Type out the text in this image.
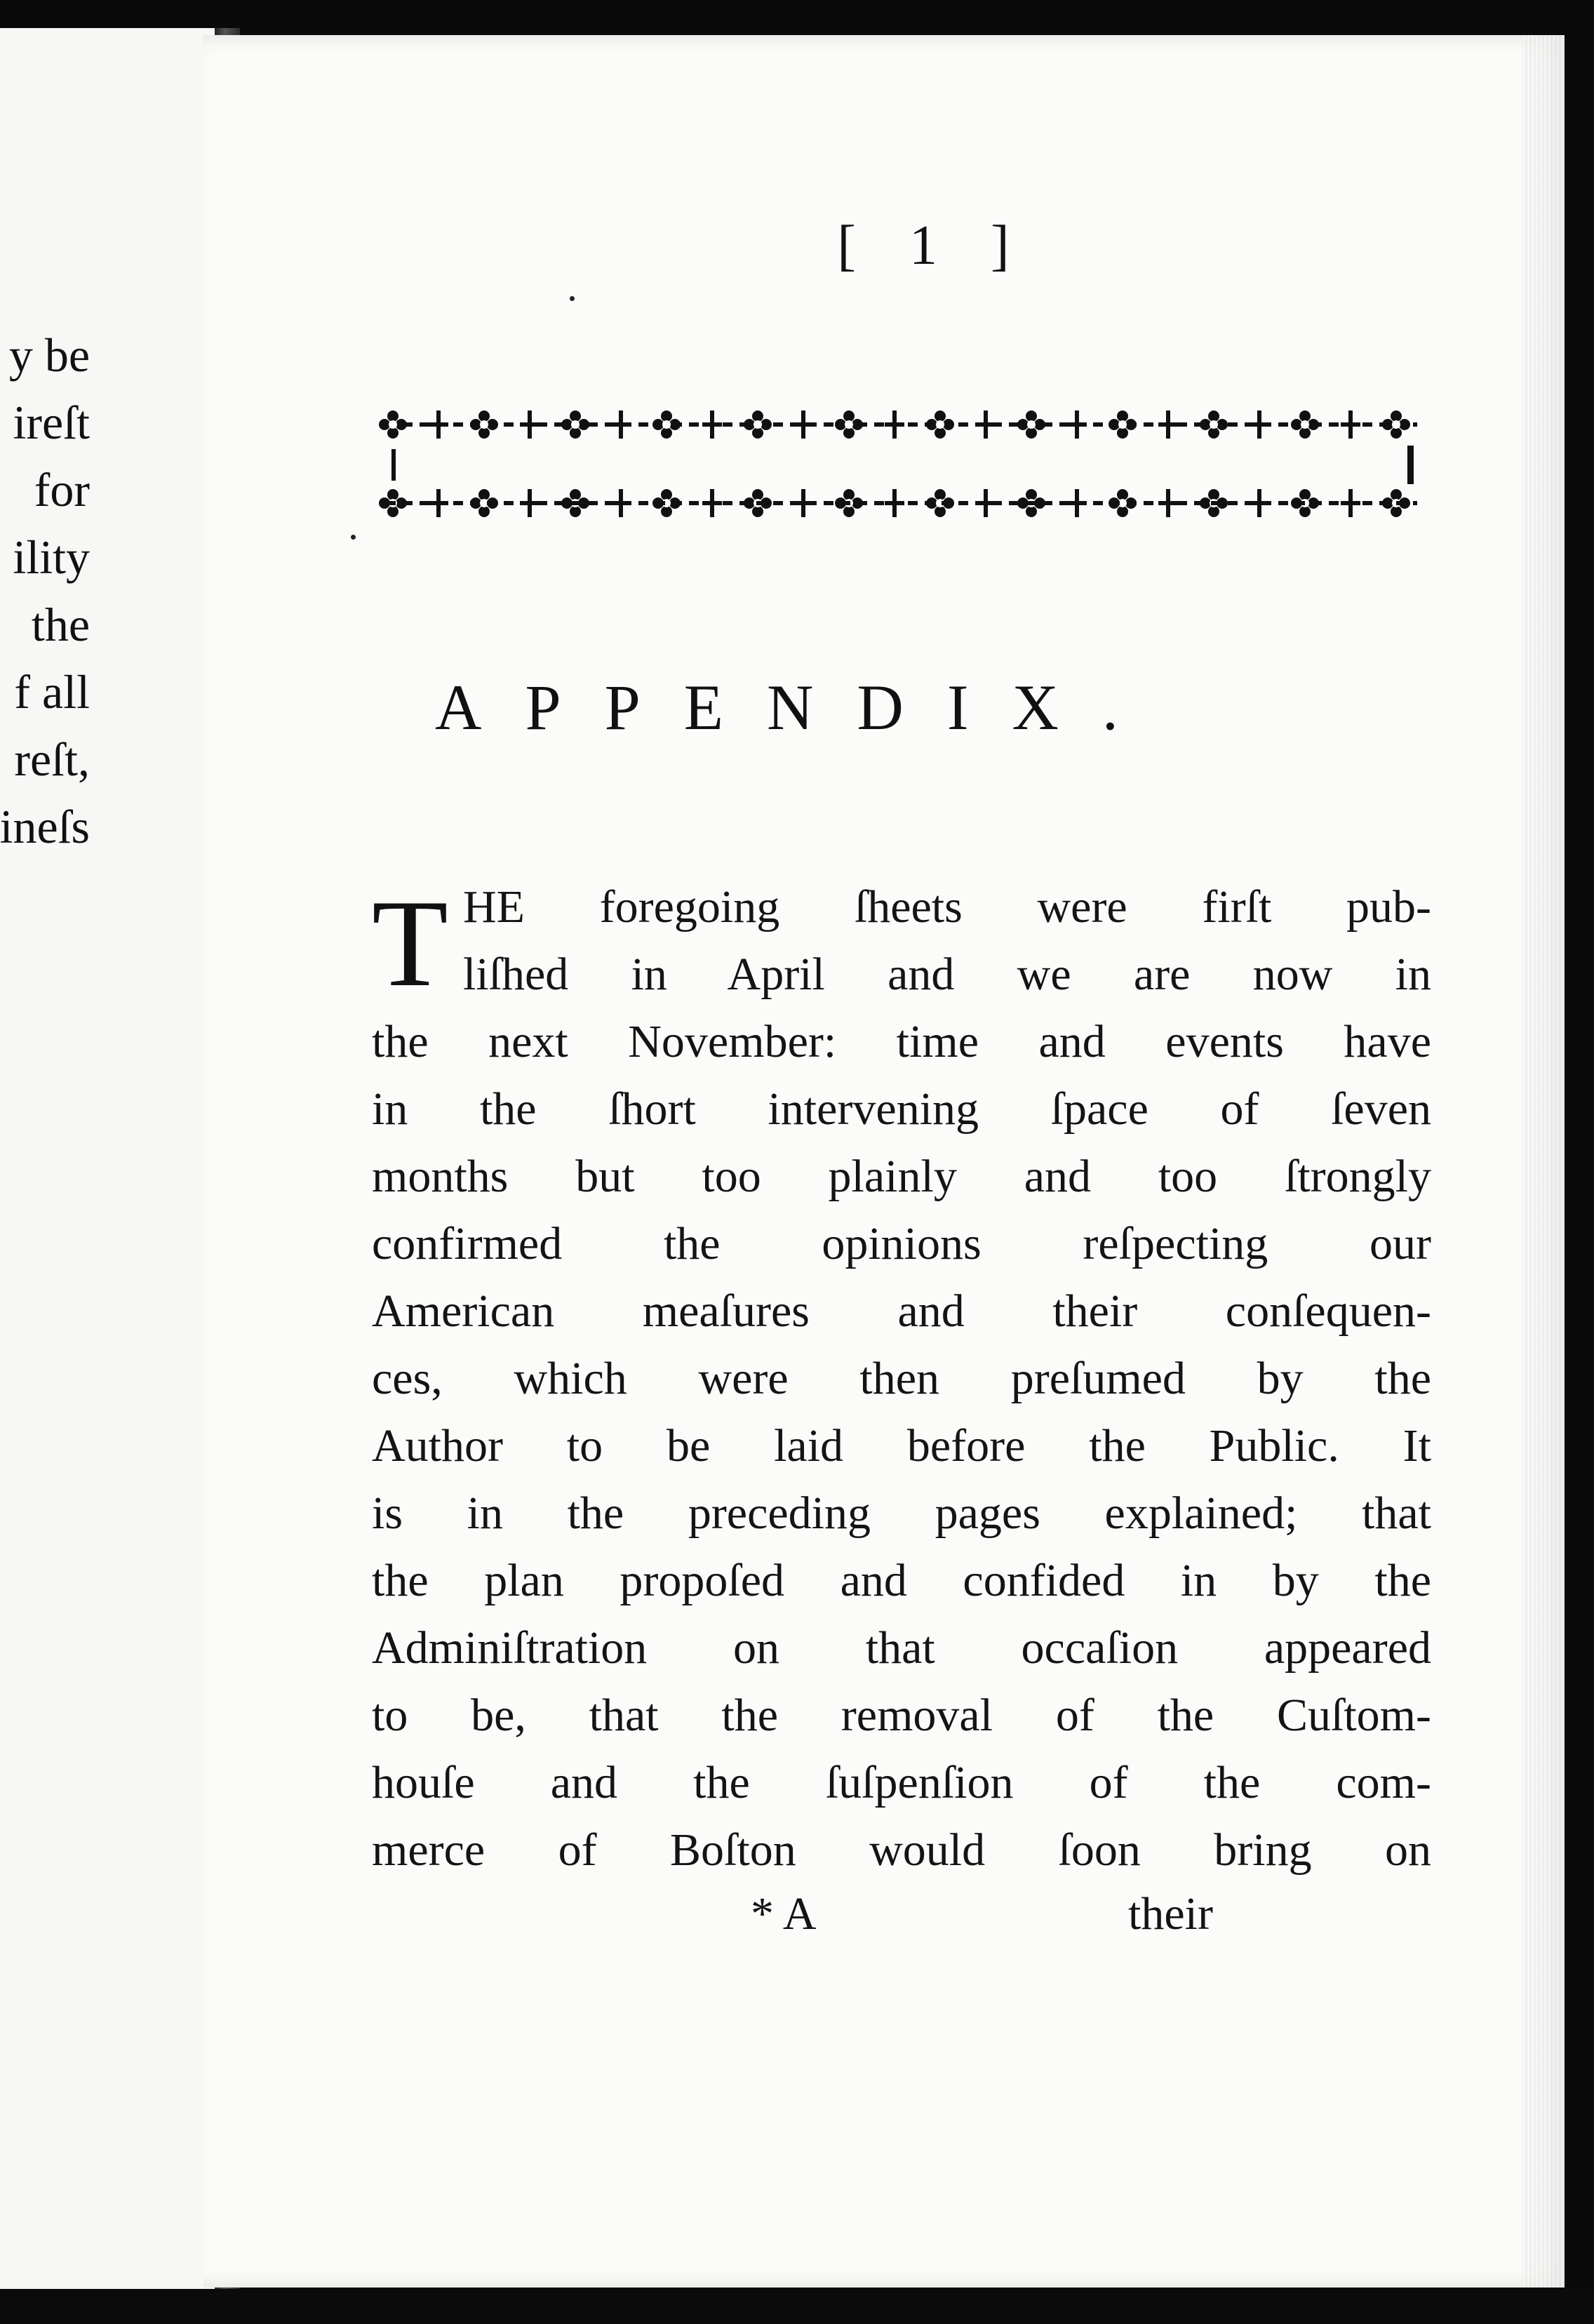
y be
ireſt
for
ility
the
f all
reſt,
ineſs
[ 1 ]
APPENDIX.
T HE foregoing ſheets were firſt pub-
liſhed in April and we are now in
the next November: time and events have
in the ſhort intervening ſpace of ſeven
months but too plainly and too ſtrongly
confirmed the opinions reſpecting our
American meaſures and their conſequen-
ces, which were then preſumed by the
Author to be laid before the Public. It
is in the preceding pages explained; that
the plan propoſed and confided in by the
Adminiſtration on that occaſion appeared
to be, that the removal of the Cuſtom-
houſe and the ſuſpenſion of the com-
merce of Boſton would ſoon bring on
* A	their
